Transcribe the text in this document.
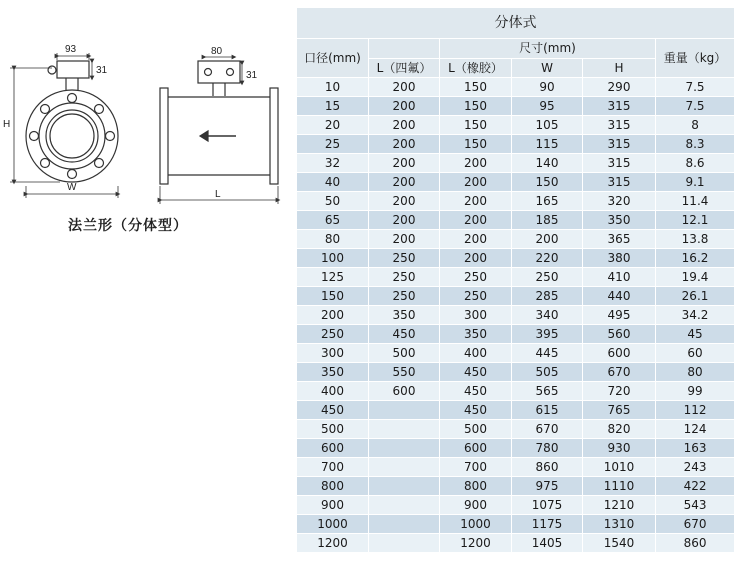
93
31
H
W
80
31
L
法兰形（分体型）
分体式					
口径(mm)		尺寸(mm)			重量（kg）
	L（四氟）	L（橡胶）	W	H	
10	200	150	90	290	7.5
15	200	150	95	315	7.5
20	200	150	105	315	8
25	200	150	115	315	8.3
32	200	200	140	315	8.6
40	200	200	150	315	9.1
50	200	200	165	320	11.4
65	200	200	185	350	12.1
80	200	200	200	365	13.8
100	250	200	220	380	16.2
125	250	250	250	410	19.4
150	250	250	285	440	26.1
200	350	300	340	495	34.2
250	450	350	395	560	45
300	500	400	445	600	60
350	550	450	505	670	80
400	600	450	565	720	99
450		450	615	765	112
500		500	670	820	124
600		600	780	930	163
700		700	860	1010	243
800		800	975	1110	422
900		900	1075	1210	543
1000		1000	1175	1310	670
1200		1200	1405	1540	860
